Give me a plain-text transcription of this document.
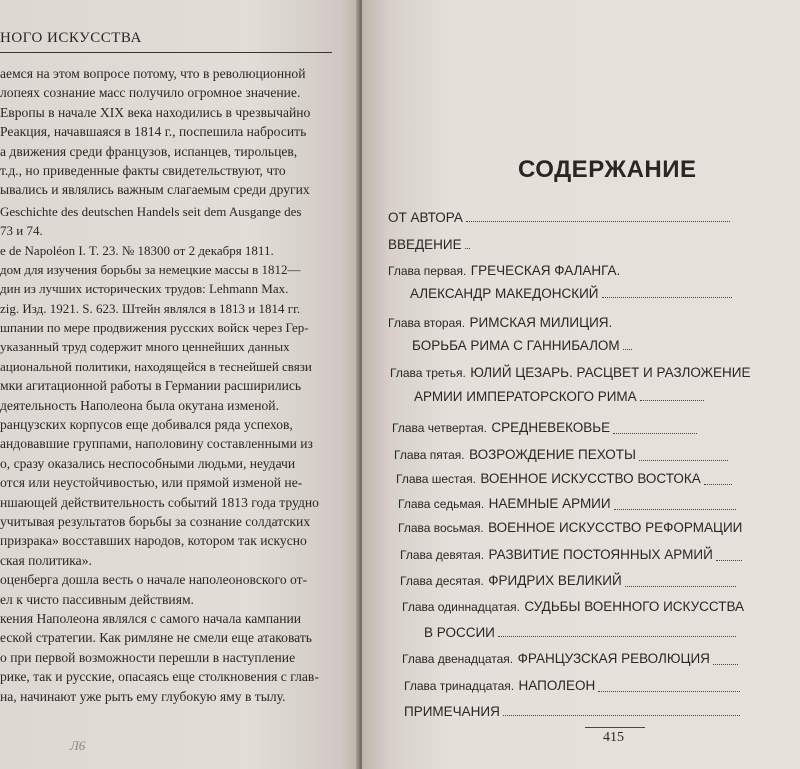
НОГО ИСКУССТВА
аемся на этом вопросе потому, что в революционной
лопеях сознание масс получило огромное значение.
Европы в начале XIX века находились в чрезвычайно
Реакция, начавшаяся в 1814 г., поспешила набросить
а движения среди французов, испанцев, тирольцев,
т.д., но приведенные факты свидетельствуют, что
ывались и являлись важным слагаемым среди других
Geschichte des deutschen Handels seit dem Ausgange des
73 и 74.
e de Napoléon I. T. 23. № 18300 от 2 декабря 1811.
дом для изучения борьбы за немецкие массы в 1812—
дин из лучших исторических трудов: Lehmann Max.
zig. Изд. 1921. S. 623. Штейн являлся в 1813 и 1814 гг.
шпании по мере продвижения русских войск через Гер-
указанный труд содержит много ценнейших данных
ациональной политики, находящейся в теснейшей связи
мки агитационной работы в Германии расширились
деятельность Наполеона была окутана изменой.
ранцузских корпусов еще добивался ряда успехов,
андовавшие группами, наполовину составленными из
о, сразу оказались неспособными людьми, неудачи
отся или неустойчивостью, или прямой изменой не-
ншающей действительность событий 1813 года трудно
учитывая результатов борьбы за сознание солдатских
призрака» восставших народов, котором так искусно
ская политика».
оценберга дошла весть о начале наполеоновского от-
ел к чисто пассивным действиям.
кения Наполеона являлся с самого начала кампании
еской стратегии. Как римляне не смели еще атаковать
о при первой возможности перешли в наступление
рике, так и русские, опасаясь еще столкновения с глав-
на, начинают уже рыть ему глубокую яму в тылу.
Л6
СОДЕРЖАНИЕ
ОТ АВТОРА
ВВЕДЕНИЕ
Глава первая.
ГРЕЧЕСКАЯ ФАЛАНГА.
АЛЕКСАНДР МАКЕДОНСКИЙ
Глава вторая.
РИМСКАЯ МИЛИЦИЯ.
БОРЬБА РИМА С ГАННИБАЛОМ
Глава третья.
ЮЛИЙ ЦЕЗАРЬ. РАСЦВЕТ И РАЗЛОЖЕНИЕ
АРМИИ ИМПЕРАТОРСКОГО РИМА
Глава четвертая.
СРЕДНЕВЕКОВЬЕ
Глава пятая.
ВОЗРОЖДЕНИЕ ПЕХОТЫ
Глава шестая.
ВОЕННОЕ ИСКУССТВО ВОСТОКА
Глава седьмая.
НАЕМНЫЕ АРМИИ
Глава восьмая.
ВОЕННОЕ ИСКУССТВО РЕФОРМАЦИИ
Глава девятая.
РАЗВИТИЕ ПОСТОЯННЫХ АРМИЙ
Глава десятая.
ФРИДРИХ ВЕЛИКИЙ
Глава одиннадцатая.
СУДЬБЫ ВОЕННОГО ИСКУССТВА
В РОССИИ
Глава двенадцатая.
ФРАНЦУЗСКАЯ РЕВОЛЮЦИЯ
Глава тринадцатая.
НАПОЛЕОН
ПРИМЕЧАНИЯ
415
